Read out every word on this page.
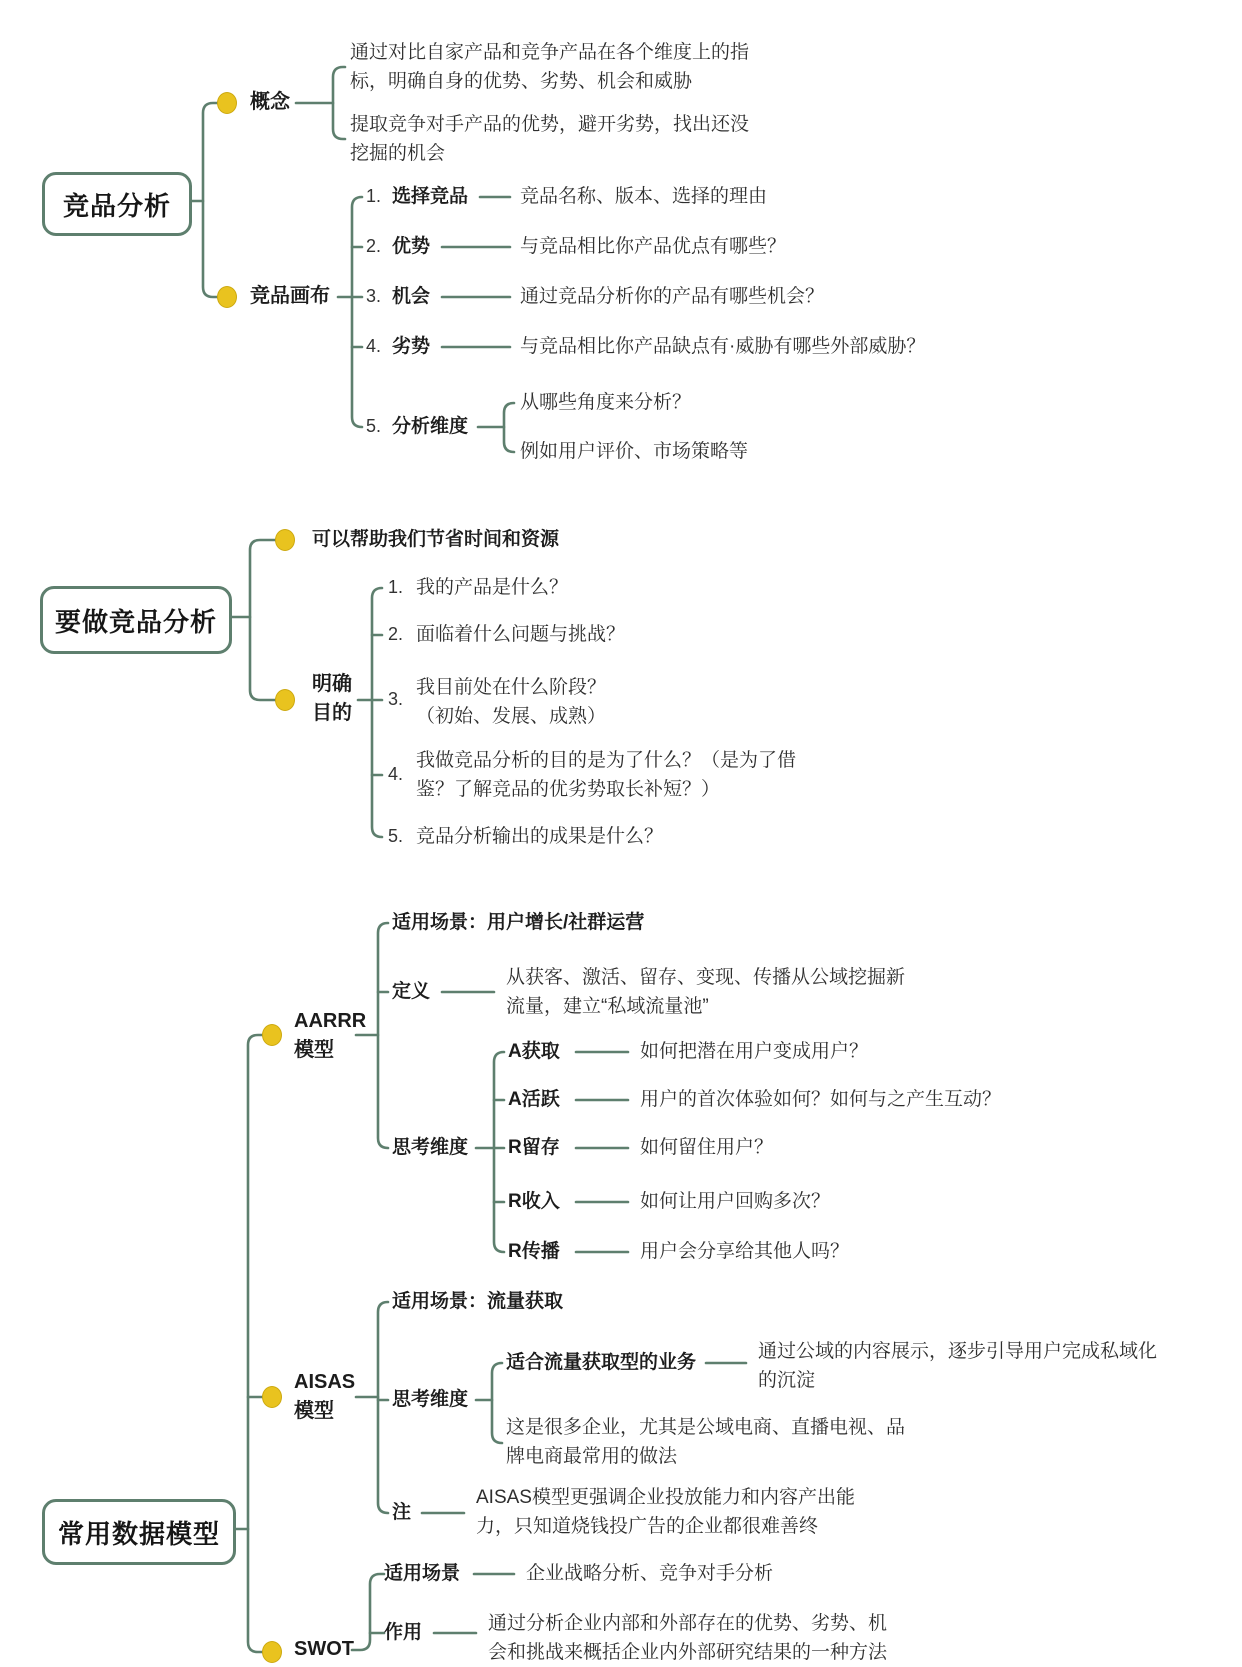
竞品分析
概念
通过对比自家产品和竞争产品在各个维度上的指
标，明确自身的优势、劣势、机会和威胁
提取竞争对手产品的优势，避开劣势，找出还没
挖掘的机会
竞品画布
1. 选择竞品	竞品名称、版本、选择的理由
2. 优势	与竞品相比你产品优点有哪些？
3. 机会	通过竞品分析你的产品有哪些机会？
4. 劣势	与竞品相比你产品缺点有·威胁有哪些外部威胁？
5. 分析维度
从哪些角度来分析？
例如用户评价、市场策略等
要做竞品分析
可以帮助我们节省时间和资源
明确
目的
1. 我的产品是什么？
2. 面临着什么问题与挑战？
3.
我目前处在什么阶段？
（初始、发展、成熟）
4.
我做竞品分析的目的是为了什么？（是为了借
鉴？了解竞品的优劣势取长补短？）
5. 竞品分析输出的成果是什么？
常用数据模型
AARRR
模型
适用场景：用户增长/社群运营
定义
从获客、激活、留存、变现、传播从公域挖掘新
流量，建立“私域流量池”
思考维度
A获取	如何把潜在用户变成用户？
A活跃	用户的首次体验如何？如何与之产生互动？
R留存	如何留住用户？
R收入	如何让用户回购多次？
R传播	用户会分享给其他人吗？
AISAS
模型
适用场景：流量获取
思考维度
适合流量获取型的业务
通过公域的内容展示，逐步引导用户完成私域化
的沉淀
这是很多企业，尤其是公域电商、直播电视、品
牌电商最常用的做法
注
AISAS模型更强调企业投放能力和内容产出能
力，只知道烧钱投广告的企业都很难善终
SWOT
适用场景	企业战略分析、竞争对手分析
作用	通过分析企业内部和外部存在的优势、劣势、机
会和挑战来概括企业内外部研究结果的一种方法
